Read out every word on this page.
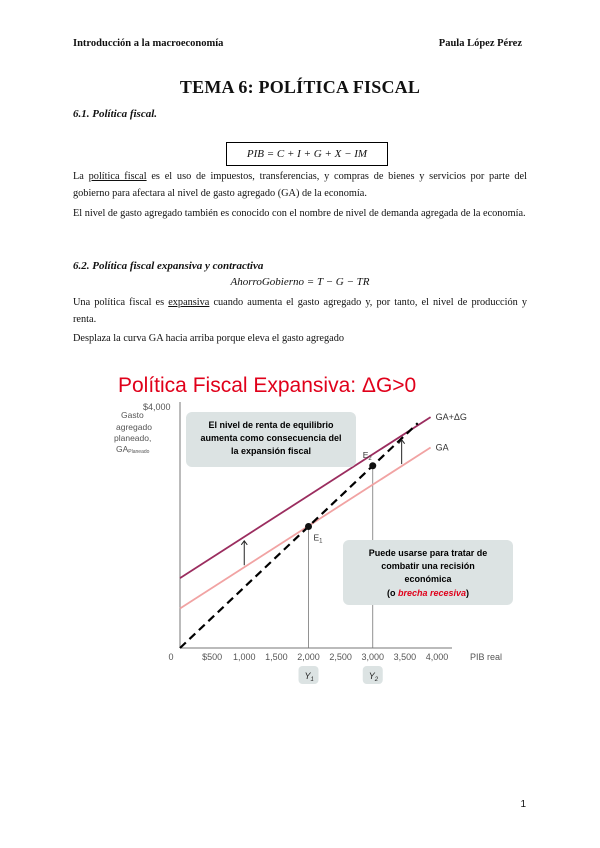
Introducción a la macroeconomía	Paula López Pérez
TEMA 6: POLÍTICA FISCAL
6.1. Política fiscal.
PIB = C + I + G + X − IM
La política fiscal es el uso de impuestos, transferencias, y compras de bienes y servicios por parte del gobierno para afectara al nivel de gasto agregado (GA) de la economía.
El nivel de gasto agregado también es conocido con el nombre de nivel de demanda agregada de la economía.
6.2. Política fiscal expansiva y contractiva
AhorroGobierno = T − G − TR
Una política fiscal es expansiva cuando aumenta el gasto agregado y, por tanto, el nivel de producción y renta.
Desplaza la curva GA hacia arriba porque eleva el gasto agregado
Política Fiscal Expansiva: ΔG>0
Gasto
agregado
planeado,
GAPlaneado
$4,000
GA+ΔG
GA
$E_1$
$E_2$
0	$500 1,000 1,500 2,000 2,500 3,000 3,500 4,000
$Y_1$	$Y_2$
PIB real
El nivel de renta de equilibrio
aumenta como consecuencia del
la expansión fiscal
Puede usarse para tratar de
combatir una recisión
económica
(o brecha recesiva)
1
